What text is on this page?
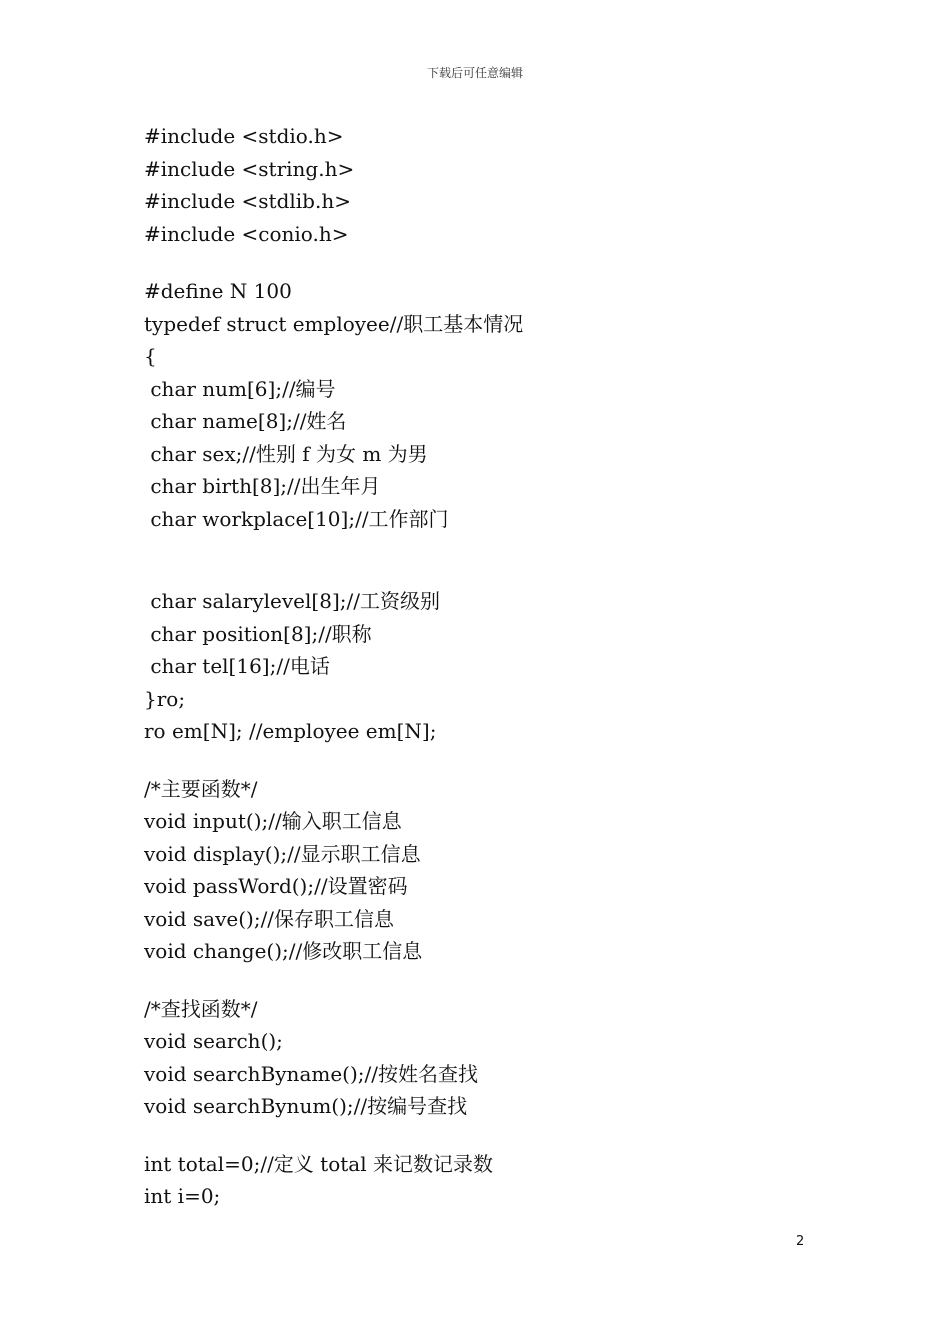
下载后可任意编辑
#include <stdio.h>
#include <string.h>
#include <stdlib.h>
#include <conio.h>
#define N 100
typedef struct employee//职工基本情况
{
char num[6];//编号
char name[8];//姓名
char sex;//性别 f 为女 m 为男
char birth[8];//出生年月
char workplace[10];//工作部门
char salarylevel[8];//工资级别
char position[8];//职称
char tel[16];//电话
}ro;
ro em[N]; //employee em[N];
/*主要函数*/
void input();//输入职工信息
void display();//显示职工信息
void passWord();//设置密码
void save();//保存职工信息
void change();//修改职工信息
/*查找函数*/
void search();
void searchByname();//按姓名查找
void searchBynum();//按编号查找
int total=0;//定义 total 来记数记录数
int i=0;
2
